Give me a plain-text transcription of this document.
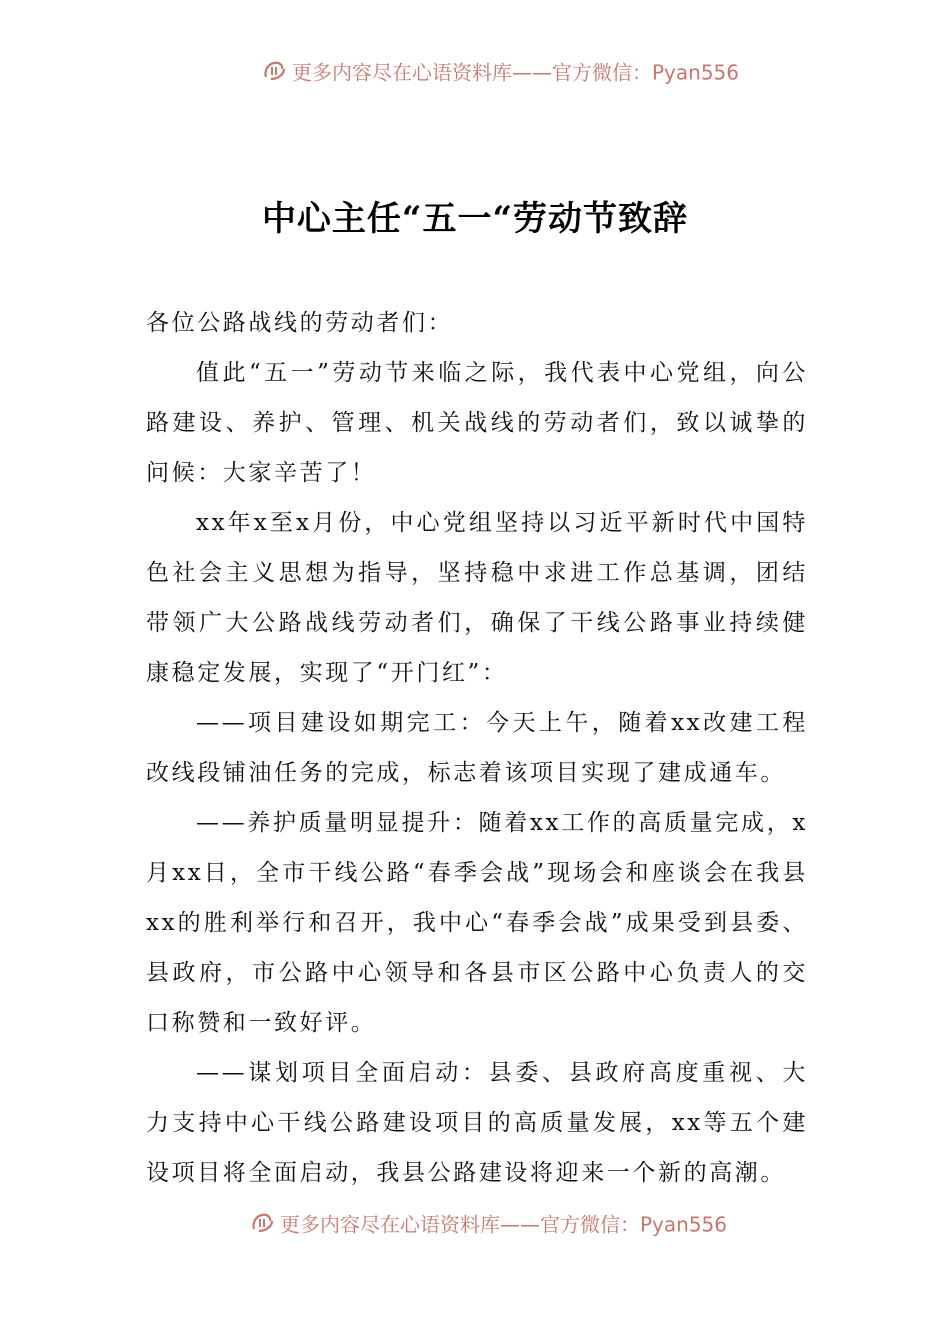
更多内容尽在心语资料库——官方微信：Pyan556
中心主任“五一“劳动节致辞

各位公路战线的劳动者们：

值此“五一”劳动节来临之际，我代表中心党组，向公路建设、养护、管理、机关战线的劳动者们，致以诚挚的问候：大家辛苦了！

xx年x至x月份，中心党组坚持以习近平新时代中国特色社会主义思想为指导，坚持稳中求进工作总基调，团结带领广大公路战线劳动者们，确保了干线公路事业持续健康稳定发展，实现了“开门红”：

——项目建设如期完工：今天上午，随着xx改建工程改线段铺油任务的完成，标志着该项目实现了建成通车。

——养护质量明显提升：随着xx工作的高质量完成，x月xx日，全市干线公路“春季会战”现场会和座谈会在我县xx的胜利举行和召开，我中心“春季会战”成果受到县委、县政府，市公路中心领导和各县市区公路中心负责人的交口称赞和一致好评。

——谋划项目全面启动：县委、县政府高度重视、大力支持中心干线公路建设项目的高质量发展，xx等五个建设项目将全面启动，我县公路建设将迎来一个新的高潮。

更多内容尽在心语资料库——官方微信：Pyan556
